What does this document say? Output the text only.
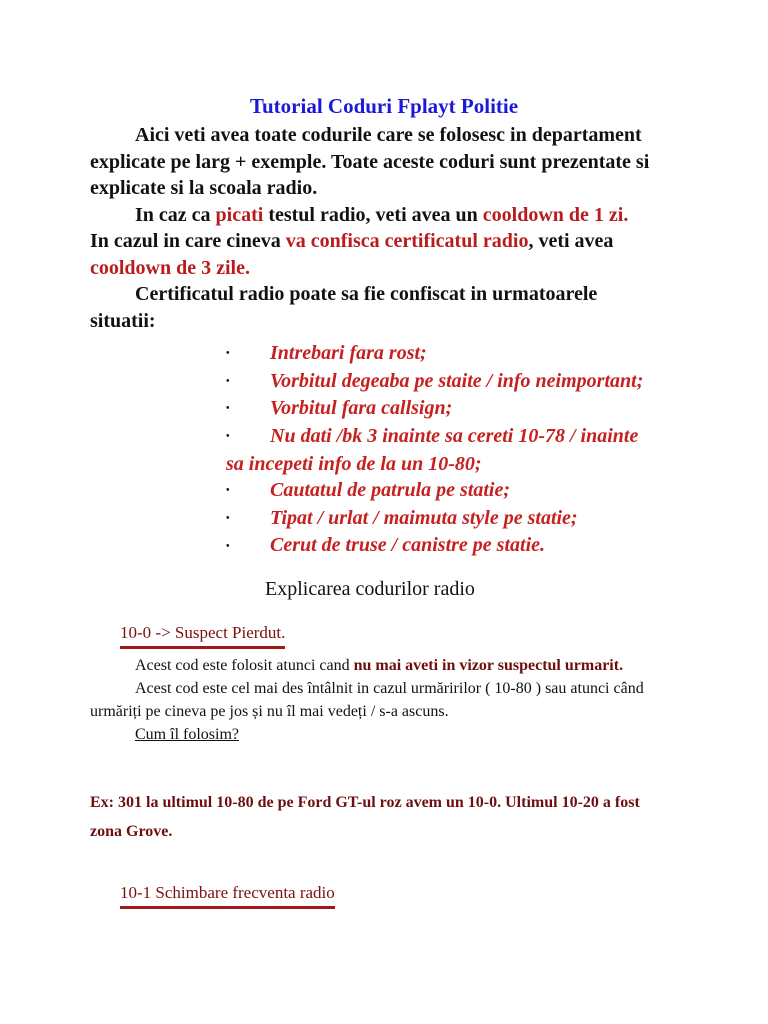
Tutorial Coduri Fplayt Politie

Aici veti avea toate codurile care se folosesc in departament explicate pe larg + exemple. Toate aceste coduri sunt prezentate si explicate si la scoala radio.

In caz ca picati testul radio, veti avea un cooldown de 1 zi. In cazul in care cineva va confisca certificatul radio, veti avea cooldown de 3 zile.

Certificatul radio poate sa fie confiscat in urmatoarele situatii:

• Intrebari fara rost;
• Vorbitul degeaba pe staite / info neimportant;
• Vorbitul fara callsign;
• Nu dati /bk 3 inainte sa cereti 10-78 / inainte sa incepeti info de la un 10-80;
• Cautatul de patrula pe statie;
• Tipat / urlat / maimuta style pe statie;
• Cerut de truse / canistre pe statie.
Explicarea codurilor radio
10-0 -> Suspect Pierdut.

Acest cod este folosit atunci cand nu mai aveti in vizor suspectul urmarit.

Acest cod este cel mai des întâlnit in cazul urmăririlor ( 10-80 ) sau atunci când urmăriți pe cineva pe jos și nu îl mai vedeți / s-a ascuns.

Cum îl folosim?

Ex: 301 la ultimul 10-80 de pe Ford GT-ul roz avem un 10-0. Ultimul 10-20 a fost zona Grove.
10-1 Schimbare frecventa radio
